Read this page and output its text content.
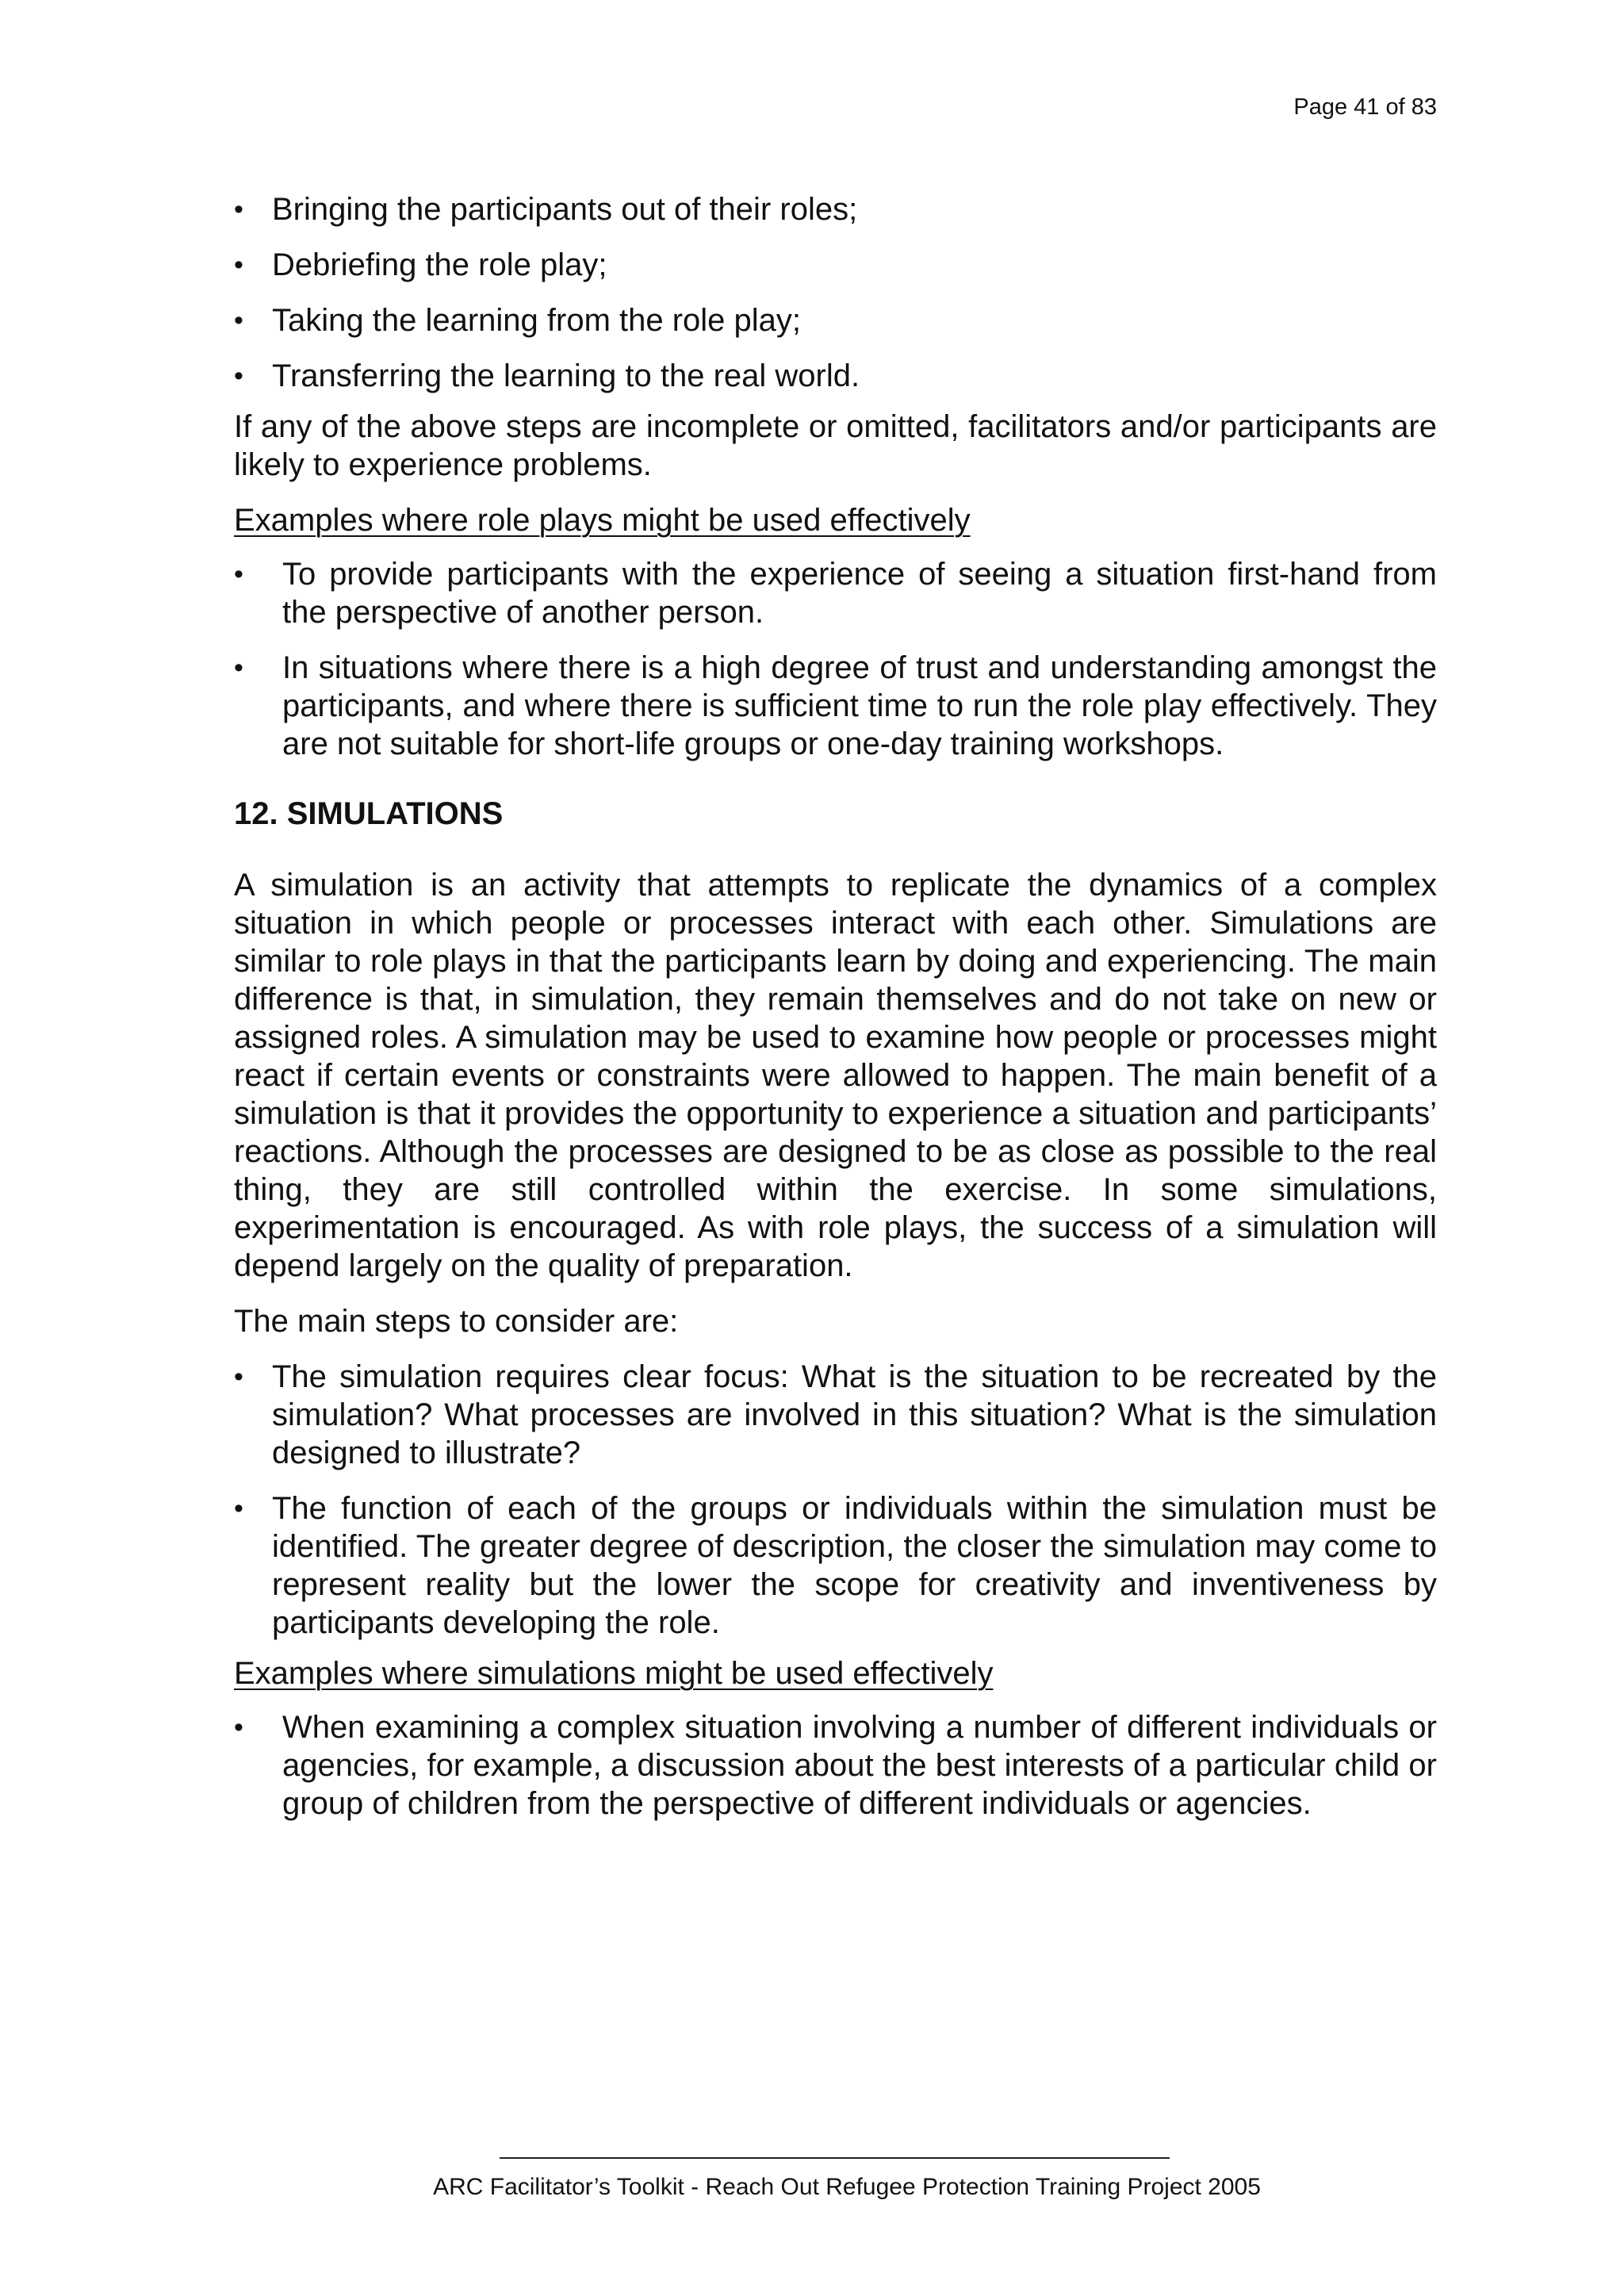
Page 41 of 83
• Bringing the participants out of their roles;
• Debriefing the role play;
• Taking the learning from the role play;
• Transferring the learning to the real world.

If any of the above steps are incomplete or omitted, facilitators and/or participants are likely to experience problems.

Examples where role plays might be used effectively

• To provide participants with the experience of seeing a situation first-hand from the perspective of another person.
• In situations where there is a high degree of trust and understanding amongst the participants, and where there is sufficient time to run the role play effectively. They are not suitable for short-life groups or one-day training workshops.
12. SIMULATIONS

A simulation is an activity that attempts to replicate the dynamics of a complex situation in which people or processes interact with each other. Simulations are similar to role plays in that the participants learn by doing and experiencing. The main difference is that, in simulation, they remain themselves and do not take on new or assigned roles. A simulation may be used to examine how people or processes might react if certain events or constraints were allowed to happen. The main benefit of a simulation is that it provides the opportunity to experience a situation and participants’ reactions. Although the processes are designed to be as close as possible to the real thing, they are still controlled within the exercise. In some simulations, experimentation is encouraged. As with role plays, the success of a simulation will depend largely on the quality of preparation.

The main steps to consider are:

• The simulation requires clear focus: What is the situation to be recreated by the simulation? What processes are involved in this situation? What is the simulation designed to illustrate?
• The function of each of the groups or individuals within the simulation must be identified. The greater degree of description, the closer the simulation may come to represent reality but the lower the scope for creativity and inventiveness by participants developing the role.

Examples where simulations might be used effectively

• When examining a complex situation involving a number of different individuals or agencies, for example, a discussion about the best interests of a particular child or group of children from the perspective of different individuals or agencies.
ARC Facilitator’s Toolkit - Reach Out Refugee Protection Training Project 2005
